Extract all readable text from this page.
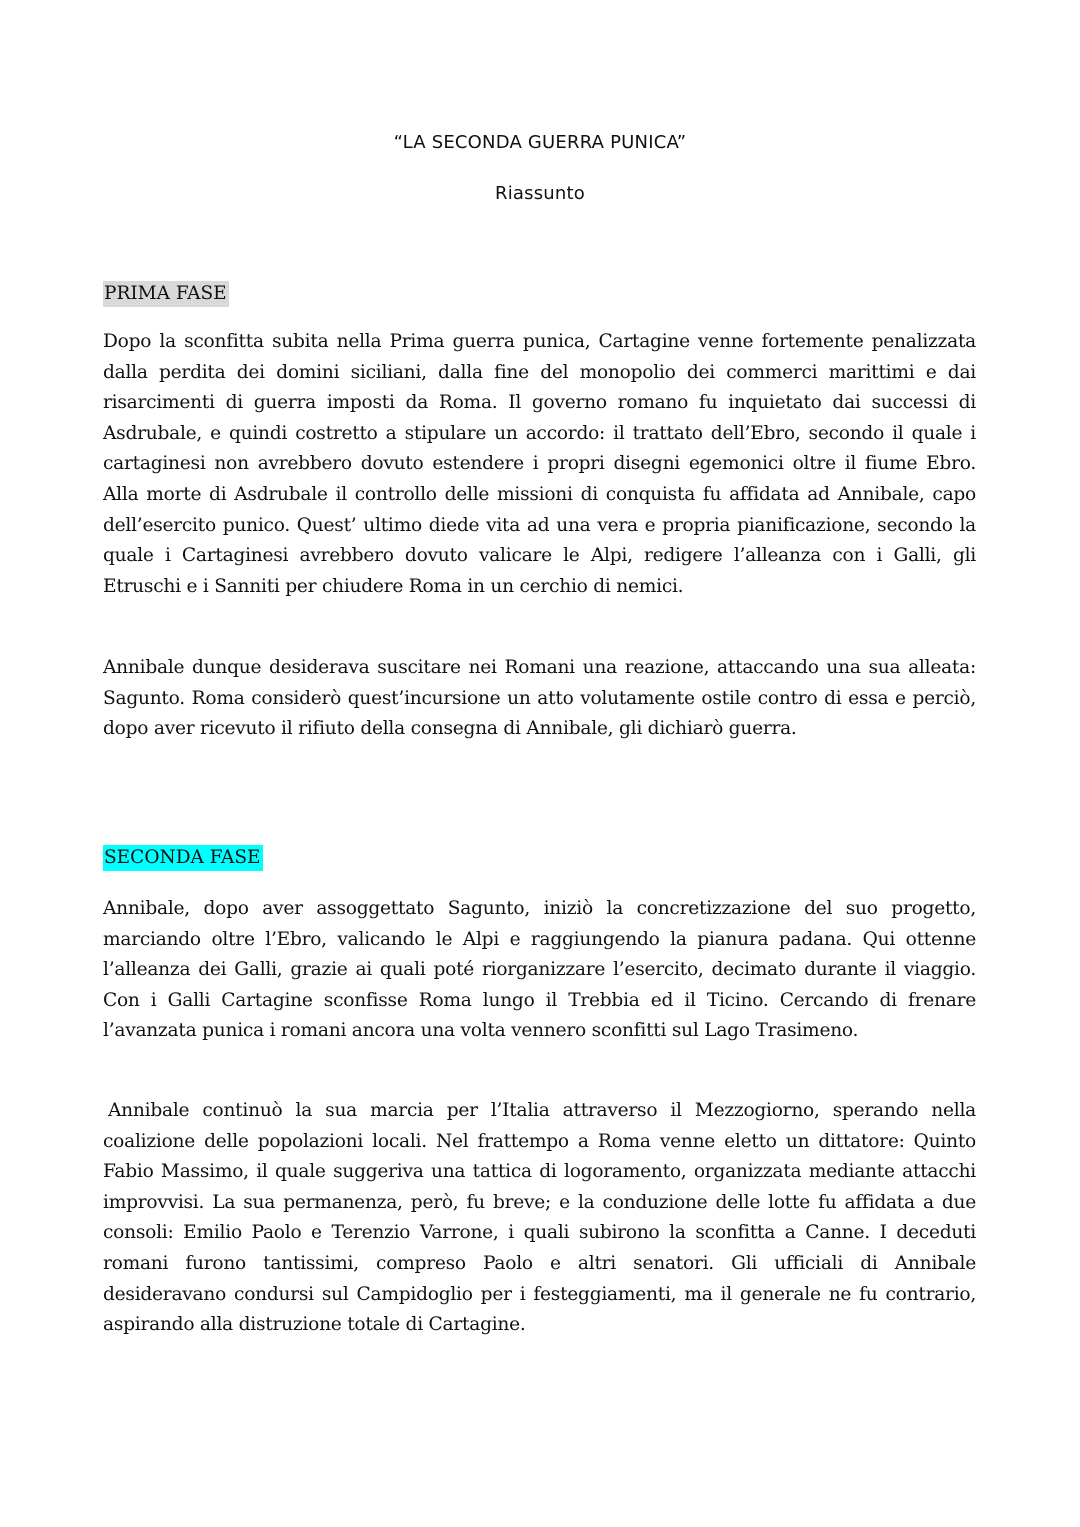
“LA SECONDA GUERRA PUNICA”
Riassunto
PRIMA FASE

Dopo la sconfitta subita nella Prima guerra punica, Cartagine venne fortemente penalizzata dalla perdita dei domini siciliani, dalla fine del monopolio dei commerci marittimi e dai risarcimenti di guerra imposti da Roma. Il governo romano fu inquietato dai successi di Asdrubale, e quindi costretto a stipulare un accordo: il trattato dell’Ebro, secondo il quale i cartaginesi non avrebbero dovuto estendere i propri disegni egemonici oltre il fiume Ebro. Alla morte di Asdrubale il controllo delle missioni di conquista fu affidata ad Annibale, capo dell’esercito punico. Quest’ ultimo diede vita ad una vera e propria pianificazione, secondo la quale i Cartaginesi avrebbero dovuto valicare le Alpi, redigere l’alleanza con i Galli, gli Etruschi e i Sanniti per chiudere Roma in un cerchio di nemici.

Annibale dunque desiderava suscitare nei Romani una reazione, attaccando una sua alleata: Sagunto. Roma considerò quest’incursione un atto volutamente ostile contro di essa e perciò, dopo aver ricevuto il rifiuto della consegna di Annibale, gli dichiarò guerra.

SECONDA FASE

Annibale, dopo aver assoggettato Sagunto, iniziò la concretizzazione del suo progetto, marciando oltre l’Ebro, valicando le Alpi e raggiungendo la pianura padana. Qui ottenne l’alleanza dei Galli, grazie ai quali poté riorganizzare l’esercito, decimato durante il viaggio. Con i Galli Cartagine sconfisse Roma lungo il Trebbia ed il Ticino. Cercando di frenare l’avanzata punica i romani ancora una volta vennero sconfitti sul Lago Trasimeno.

Annibale continuò la sua marcia per l’Italia attraverso il Mezzogiorno, sperando nella coalizione delle popolazioni locali. Nel frattempo a Roma venne eletto un dittatore: Quinto Fabio Massimo, il quale suggeriva una tattica di logoramento, organizzata mediante attacchi improvvisi. La sua permanenza, però, fu breve; e la conduzione delle lotte fu affidata a due consoli: Emilio Paolo e Terenzio Varrone, i quali subirono la sconfitta a Canne. I deceduti romani furono tantissimi, compreso Paolo e altri senatori. Gli ufficiali di Annibale desideravano condursi sul Campidoglio per i festeggiamenti, ma il generale ne fu contrario, aspirando alla distruzione totale di Cartagine.
